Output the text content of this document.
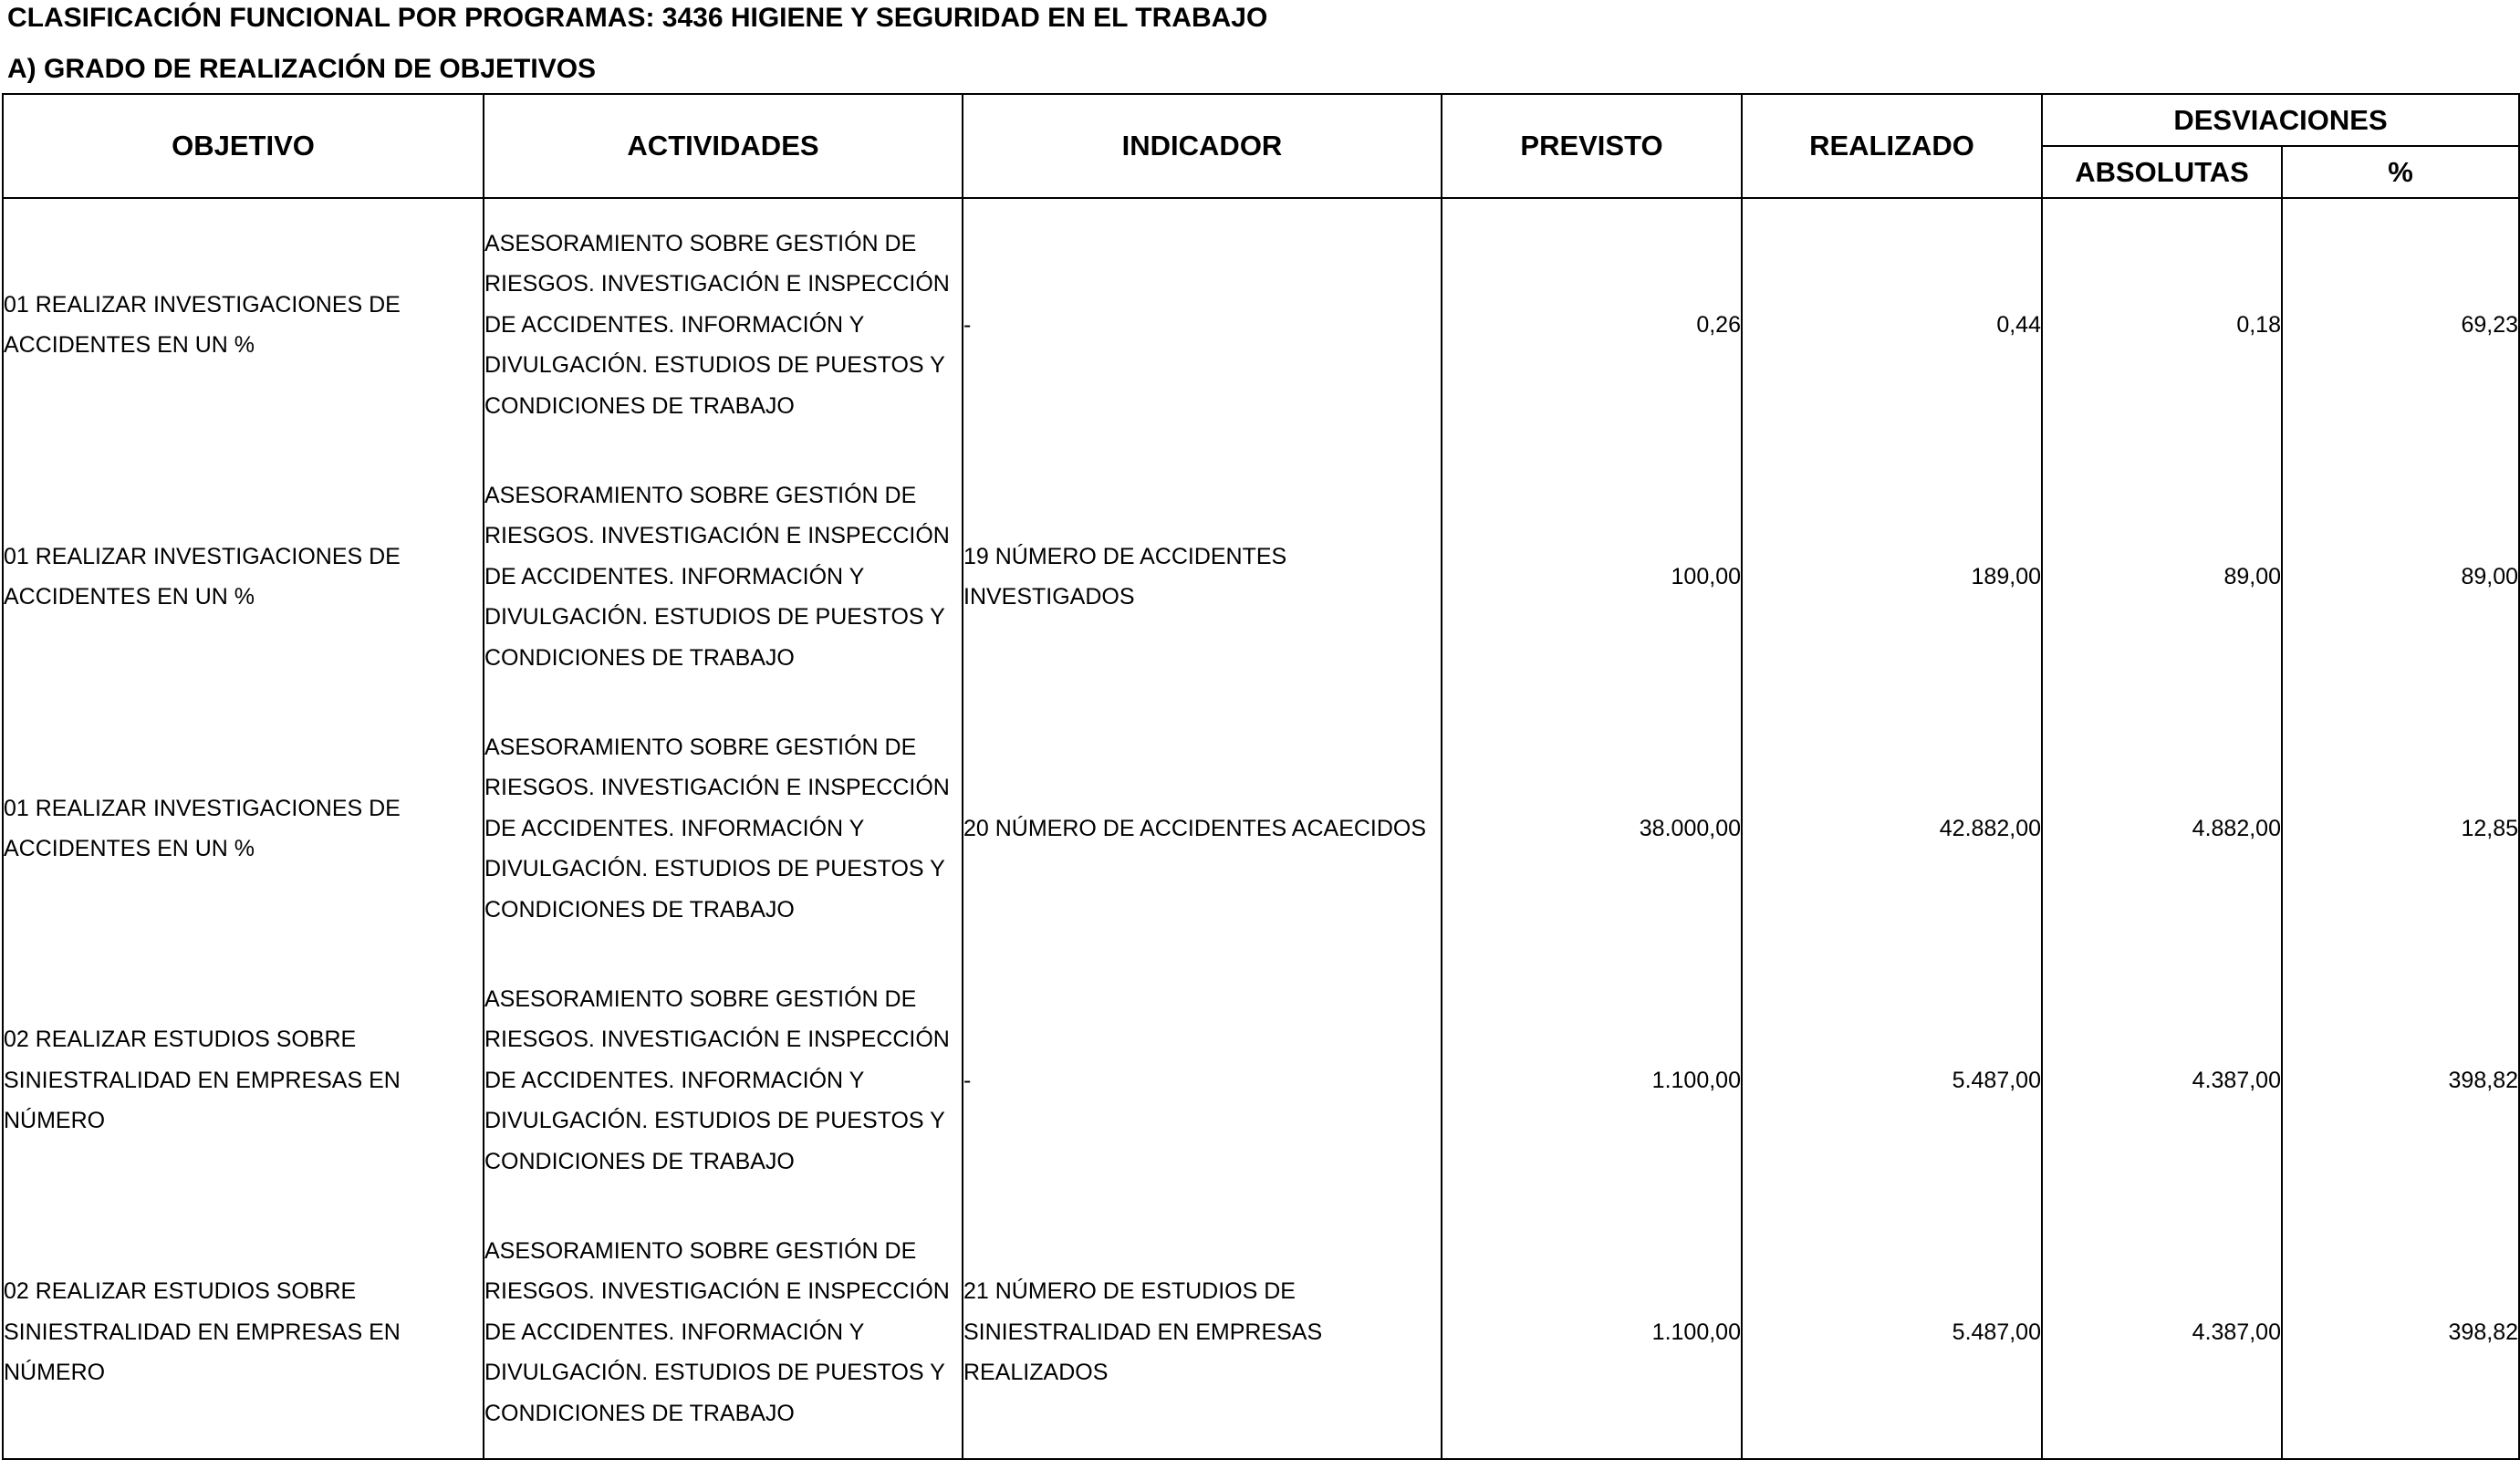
CLASIFICACIÓN FUNCIONAL POR PROGRAMAS: 3436 HIGIENE Y SEGURIDAD EN EL TRABAJO
A) GRADO DE REALIZACIÓN DE OBJETIVOS
OBJETIVO	ACTIVIDADES	INDICADOR	PREVISTO	REALIZADO	DESVIACIONES	
					ABSOLUTAS	%
01 REALIZAR INVESTIGACIONES DE ACCIDENTES EN UN %	ASESORAMIENTO SOBRE GESTIÓN DE RIESGOS. INVESTIGACIÓN E INSPECCIÓN DE ACCIDENTES. INFORMACIÓN Y DIVULGACIÓN. ESTUDIOS DE PUESTOS Y CONDICIONES DE TRABAJO	-	0,26	0,44	0,18	69,23
01 REALIZAR INVESTIGACIONES DE ACCIDENTES EN UN %	ASESORAMIENTO SOBRE GESTIÓN DE RIESGOS. INVESTIGACIÓN E INSPECCIÓN DE ACCIDENTES. INFORMACIÓN Y DIVULGACIÓN. ESTUDIOS DE PUESTOS Y CONDICIONES DE TRABAJO	19 NÚMERO DE ACCIDENTES INVESTIGADOS	100,00	189,00	89,00	89,00
01 REALIZAR INVESTIGACIONES DE ACCIDENTES EN UN %	ASESORAMIENTO SOBRE GESTIÓN DE RIESGOS. INVESTIGACIÓN E INSPECCIÓN DE ACCIDENTES. INFORMACIÓN Y DIVULGACIÓN. ESTUDIOS DE PUESTOS Y CONDICIONES DE TRABAJO	20 NÚMERO DE ACCIDENTES ACAECIDOS	38.000,00	42.882,00	4.882,00	12,85
02 REALIZAR ESTUDIOS SOBRE SINIESTRALIDAD EN EMPRESAS EN NÚMERO	ASESORAMIENTO SOBRE GESTIÓN DE RIESGOS. INVESTIGACIÓN E INSPECCIÓN DE ACCIDENTES. INFORMACIÓN Y DIVULGACIÓN. ESTUDIOS DE PUESTOS Y CONDICIONES DE TRABAJO	-	1.100,00	5.487,00	4.387,00	398,82
02 REALIZAR ESTUDIOS SOBRE SINIESTRALIDAD EN EMPRESAS EN NÚMERO	ASESORAMIENTO SOBRE GESTIÓN DE RIESGOS. INVESTIGACIÓN E INSPECCIÓN DE ACCIDENTES. INFORMACIÓN Y DIVULGACIÓN. ESTUDIOS DE PUESTOS Y CONDICIONES DE TRABAJO	21 NÚMERO DE ESTUDIOS DE SINIESTRALIDAD EN EMPRESAS REALIZADOS	1.100,00	5.487,00	4.387,00	398,82
